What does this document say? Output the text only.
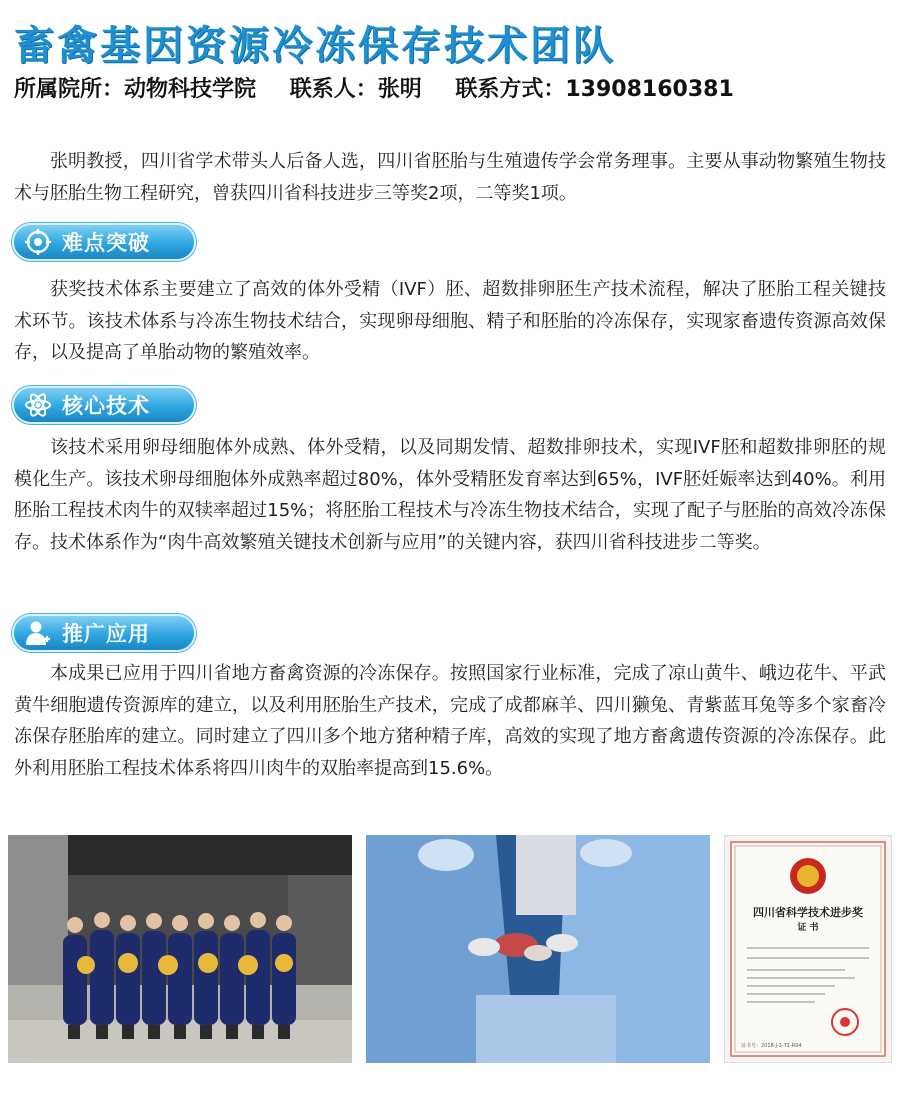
畜禽基因资源冷冻保存技术团队
所属院所：动物科技学院 联系人：张明 联系方式：13908160381

张明教授，四川省学术带头人后备人选，四川省胚胎与生殖遗传学会常务理事。主要从事动物繁殖生物技术与胚胎生物工程研究，曾获四川省科技进步三等奖2项，二等奖1项。

难点突破

获奖技术体系主要建立了高效的体外受精（IVF）胚、超数排卵胚生产技术流程，解决了胚胎工程关键技术环节。该技术体系与冷冻生物技术结合，实现卵母细胞、精子和胚胎的冷冻保存，实现家畜遗传资源高效保存，以及提高了单胎动物的繁殖效率。

核心技术

该技术采用卵母细胞体外成熟、体外受精，以及同期发情、超数排卵技术，实现IVF胚和超数排卵胚的规模化生产。该技术卵母细胞体外成熟率超过80%，体外受精胚发育率达到65%，IVF胚妊娠率达到40%。利用胚胎工程技术肉牛的双犊率超过15%；将胚胎工程技术与冷冻生物技术结合，实现了配子与胚胎的高效冷冻保存。技术体系作为“肉牛高效繁殖关键技术创新与应用”的关键内容，获四川省科技进步二等奖。

推广应用

本成果已应用于四川省地方畜禽资源的冷冻保存。按照国家行业标准，完成了凉山黄牛、峨边花牛、平武黄牛细胞遗传资源库的建立，以及利用胚胎生产技术，完成了成都麻羊、四川獭兔、青紫蓝耳兔等多个家畜冷冻保存胚胎库的建立。同时建立了四川多个地方猪种精子库，高效的实现了地方畜禽遗传资源的冷冻保存。此外利用胚胎工程技术体系将四川肉牛的双胎率提高到15.6%。

四川省科学技术进步奖
证 书
证书号：2018-J-2-71-R04
